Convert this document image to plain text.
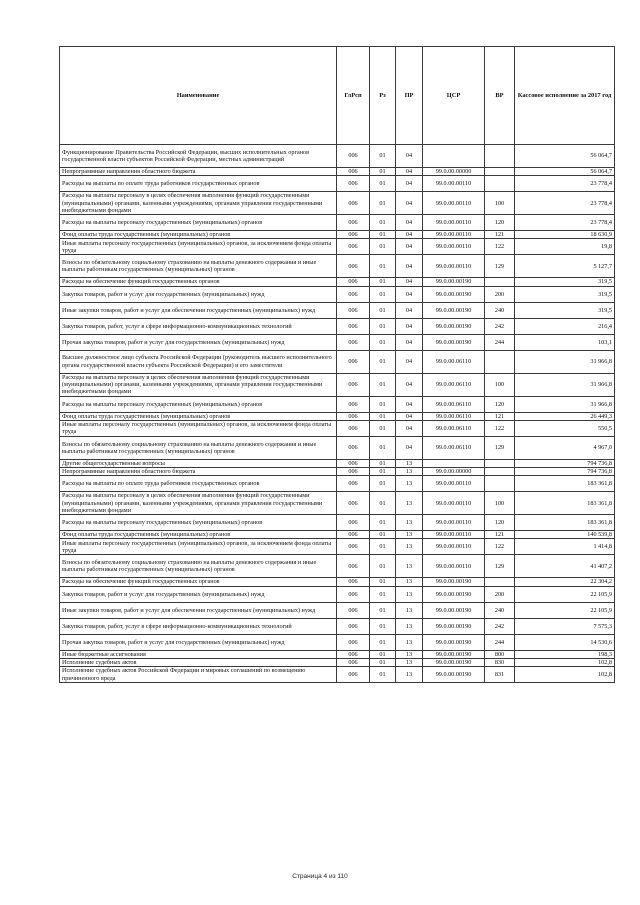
Наименование	ГлРсп	Рз	ПР	ЦСР	ВР	Кассовое исполнение за 2017 год
Функционирование Правительства Российской Федерации, высших исполнительных органов государственной власти субъектов Российской Федерации, местных администраций	006	01	04			56 064,7
Непрограммные направления областного бюджета	006	01	04	99.0.00.00000		56 064,7
Расходы на выплаты по оплате труда работников государственных органов	006	01	04	99.0.00.00110		23 778,4
Расходы на выплаты персоналу в целях обеспечения выполнения функций государственными (муниципальными) органами, казенными учреждениями, органами управления государственными внебюджетными фондами	006	01	04	99.0.00.00110	100	23 778,4
Расходы на выплаты персоналу государственных (муниципальных) органов	006	01	04	99.0.00.00110	120	23 778,4
Фонд оплаты труда государственных (муниципальных) органов	006	01	04	99.0.00.00110	121	18 630,9
Иные выплаты персоналу государственных (муниципальных) органов, за исключением фонда оплаты труда	006	01	04	99.0.00.00110	122	19,8
Взносы по обязательному социальному страхованию на выплаты денежного содержания и иные выплаты работникам государственных (муниципальных) органов	006	01	04	99.0.00.00110	129	5 127,7
Расходы на обеспечение функций государственных органов	006	01	04	99.0.00.00190		319,5
Закупка товаров, работ и услуг для государственных (муниципальных) нужд	006	01	04	99.0.00.00190	200	319,5
Иные закупки товаров, работ и услуг для обеспечения государственных (муниципальных) нужд	006	01	04	99.0.00.00190	240	319,5
Закупка товаров, работ, услуг в сфере информационно-коммуникационных технологий	006	01	04	99.0.00.00190	242	216,4
Прочая закупка товаров, работ и услуг для государственных (муниципальных) нужд	006	01	04	99.0.00.00190	244	103,1
Высшее должностное лицо субъекта Российской Федерации (руководитель высшего исполнительного органа государственной власти субъекта Российской Федерации) и его заместители	006	01	04	99.0.00.06110		31 966,8
Расходы на выплаты персоналу в целях обеспечения выполнения функций государственными (муниципальными) органами, казенными учреждениями, органами управления государственными внебюджетными фондами	006	01	04	99.0.00.06110	100	31 966,8
Расходы на выплаты персоналу государственных (муниципальных) органов	006	01	04	99.0.00.06110	120	31 966,8
Фонд оплаты труда государственных (муниципальных) органов	006	01	04	99.0.00.06110	121	26 449,3
Иные выплаты персоналу государственных (муниципальных) органов, за исключением фонда оплаты труда	006	01	04	99.0.00.06110	122	550,5
Взносы по обязательному социальному страхованию на выплаты денежного содержания и иные выплаты работникам государственных (муниципальных) органов	006	01	04	99.0.00.06110	129	4 967,0
Другие общегосударственные вопросы	006	01	13			794 736,8
Непрограммные направления областного бюджета	006	01	13	99.0.00.00000		794 736,8
Расходы на выплаты по оплате труда работников государственных органов	006	01	13	99.0.00.00110		183 361,8
Расходы на выплаты персоналу в целях обеспечения выполнения функций государственными (муниципальными) органами, казенными учреждениями, органами управления государственными внебюджетными фондами	006	01	13	99.0.00.00110	100	183 361,8
Расходы на выплаты персоналу государственных (муниципальных) органов	006	01	13	99.0.00.00110	120	183 361,8
Фонд оплаты труда государственных (муниципальных) органов	006	01	13	99.0.00.00110	121	140 539,8
Иные выплаты персоналу государственных (муниципальных) органов, за исключением фонда оплаты труда	006	01	13	99.0.00.00110	122	1 414,8
Взносы по обязательному социальному страхованию на выплаты денежного содержания и иные выплаты работникам государственных (муниципальных) органов	006	01	13	99.0.00.00110	129	41 407,2
Расходы на обеспечение функций государственных органов	006	01	13	99.0.00.00190		22 304,2
Закупка товаров, работ и услуг для государственных (муниципальных) нужд	006	01	13	99.0.00.00190	200	22 105,9
Иные закупки товаров, работ и услуг для обеспечения государственных (муниципальных) нужд	006	01	13	99.0.00.00190	240	22 105,9
Закупка товаров, работ, услуг в сфере информационно-коммуникационных технологий	006	01	13	99.0.00.00190	242	7 575,3
Прочая закупка товаров, работ и услуг для государственных (муниципальных) нужд	006	01	13	99.0.00.00190	244	14 530,6
Иные бюджетные ассигнования	006	01	13	99.0.00.00190	800	198,3
Исполнение судебных актов	006	01	13	99.0.00.00190	830	102,8
Исполнение судебных актов Российской Федерации и мировых соглашений по возмещению причиненного вреда	006	01	13	99.0.00.00190	831	102,8
Страница 4 из 110
